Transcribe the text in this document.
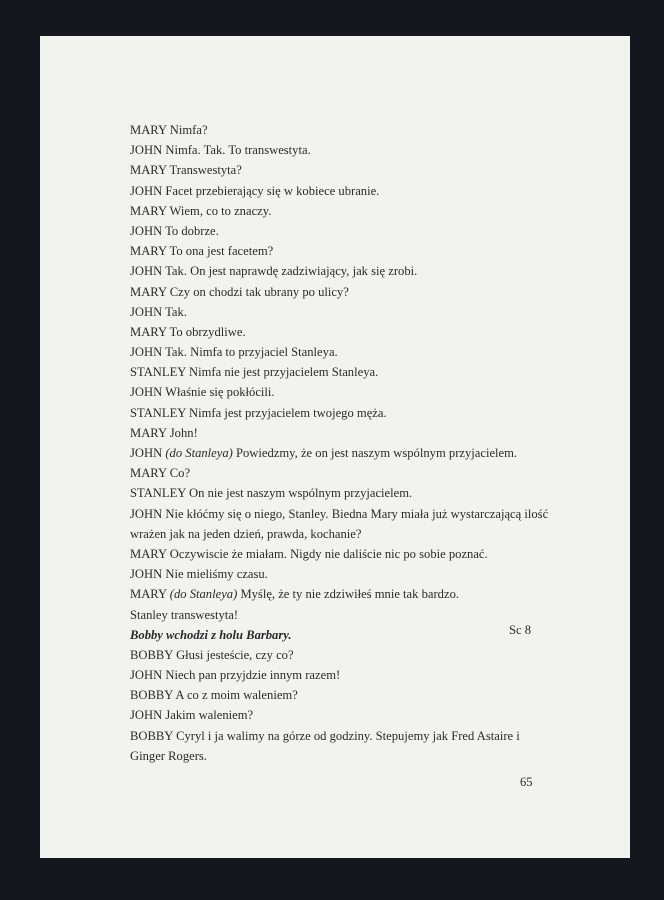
MARY Nimfa?
JOHN Nimfa. Tak. To transwestyta.
MARY Transwestyta?
JOHN Facet przebierający się w kobiece ubranie.
MARY Wiem, co to znaczy.
JOHN To dobrze.
MARY To ona jest facetem?
JOHN Tak. On jest naprawdę zadziwiający, jak się zrobi.
MARY Czy on chodzi tak ubrany po ulicy?
JOHN Tak.
MARY To obrzydliwe.
JOHN Tak. Nimfa to przyjaciel Stanleya.
STANLEY Nimfa nie jest przyjacielem Stanleya.
JOHN Właśnie się pokłócili.
STANLEY Nimfa jest przyjacielem twojego męża.
MARY John!
JOHN (do Stanleya) Powiedzmy, że on jest naszym wspólnym przyjacielem.
MARY Co?
STANLEY On nie jest naszym wspólnym przyjacielem.
JOHN Nie kłóćmy się o niego, Stanley. Biedna Mary miała już wystarczającą ilość
wrażen jak na jeden dzień, prawda, kochanie?
MARY Oczywiscie że miałam. Nigdy nie daliście nic po sobie poznać.
JOHN Nie mieliśmy czasu.
MARY (do Stanleya) Myślę, że ty nie zdziwiłeś mnie tak bardzo.
Stanley transwestyta!
Bobby wchodzi z holu Barbary.
BOBBY Głusi jesteście, czy co?
JOHN Niech pan przyjdzie innym razem!
BOBBY A co z moim waleniem?
JOHN Jakim waleniem?
BOBBY Cyryl i ja walimy na górze od godziny. Stepujemy jak Fred Astaire i
Ginger Rogers.
Sc 8
65
